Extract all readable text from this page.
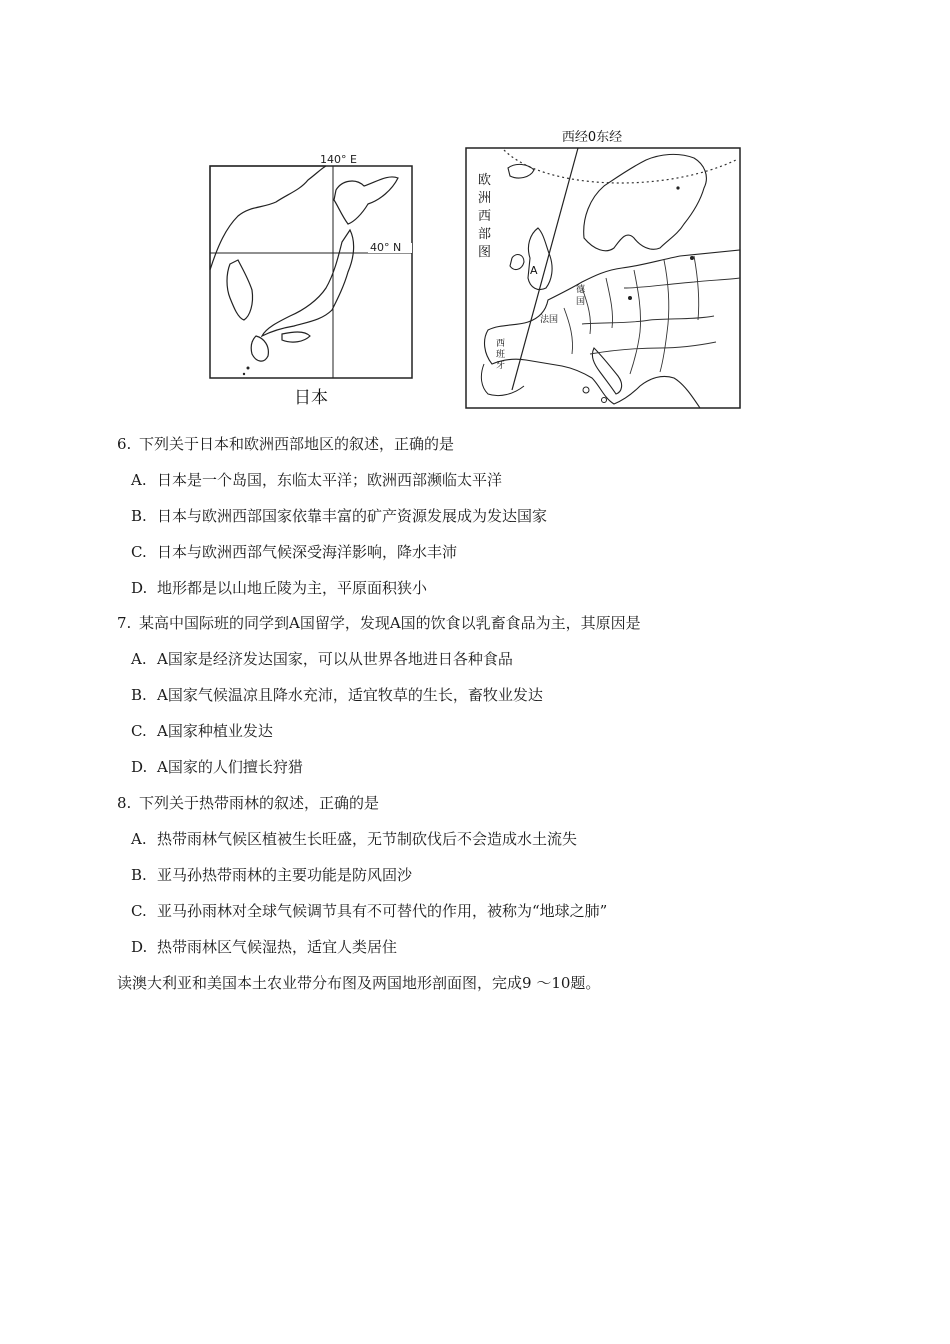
140° E
40° N
日本
西经0东经
欧
洲
西
部
图
A
德
国
法国
西
班
牙
6. 下列关于日本和欧洲西部地区的叙述，正确的是
A. 日本是一个岛国，东临太平洋；欧洲西部濒临太平洋
B. 日本与欧洲西部国家依靠丰富的矿产资源发展成为发达国家
C. 日本与欧洲西部气候深受海洋影响，降水丰沛
D. 地形都是以山地丘陵为主，平原面积狭小
7. 某高中国际班的同学到A国留学，发现A国的饮食以乳畜食品为主，其原因是
A. A国家是经济发达国家，可以从世界各地进日各种食品
B. A国家气候温凉且降水充沛，适宜牧草的生长，畜牧业发达
C. A国家种植业发达
D. A国家的人们擅长狩猎
8. 下列关于热带雨林的叙述，正确的是
A. 热带雨林气候区植被生长旺盛，无节制砍伐后不会造成水土流失
B. 亚马孙热带雨林的主要功能是防风固沙
C. 亚马孙雨林对全球气候调节具有不可替代的作用，被称为“地球之肺”
D. 热带雨林区气候湿热，适宜人类居住
读澳大利亚和美国本土农业带分布图及两国地形剖面图，完成9 ～10题。
